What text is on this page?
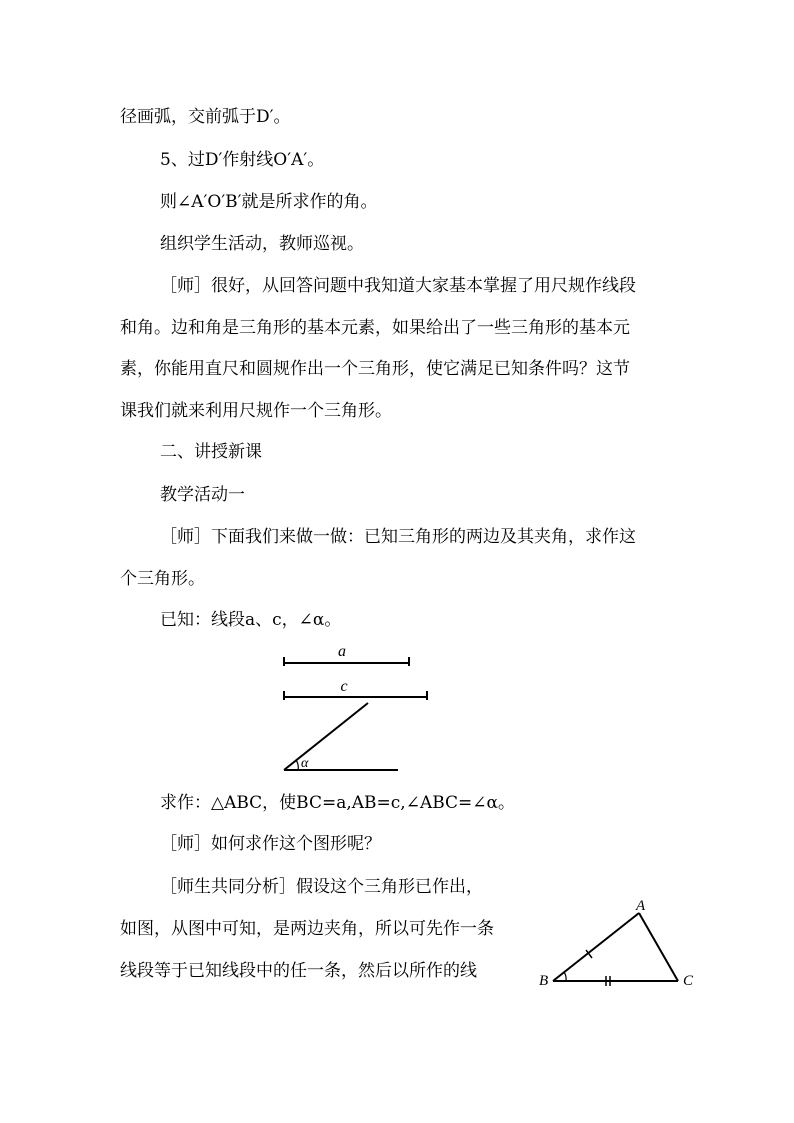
径画弧，交前弧于D′。
5、过D′作射线O′A′。
则∠A′O′B′就是所求作的角。
组织学生活动，教师巡视。
［师］很好，从回答问题中我知道大家基本掌握了用尺规作线段
和角。边和角是三角形的基本元素，如果给出了一些三角形的基本元
素，你能用直尺和圆规作出一个三角形，使它满足已知条件吗？这节
课我们就来利用尺规作一个三角形。
二、讲授新课
教学活动一
［师］下面我们来做一做：已知三角形的两边及其夹角，求作这
个三角形。
已知：线段a、c，∠α。
a
c
α
A
B	C
求作：△ABC，使BC=a,AB=c,∠ABC=∠α。
［师］如何求作这个图形呢？
［师生共同分析］假设这个三角形已作出，
如图，从图中可知，是两边夹角，所以可先作一条
线段等于已知线段中的任一条，然后以所作的线
